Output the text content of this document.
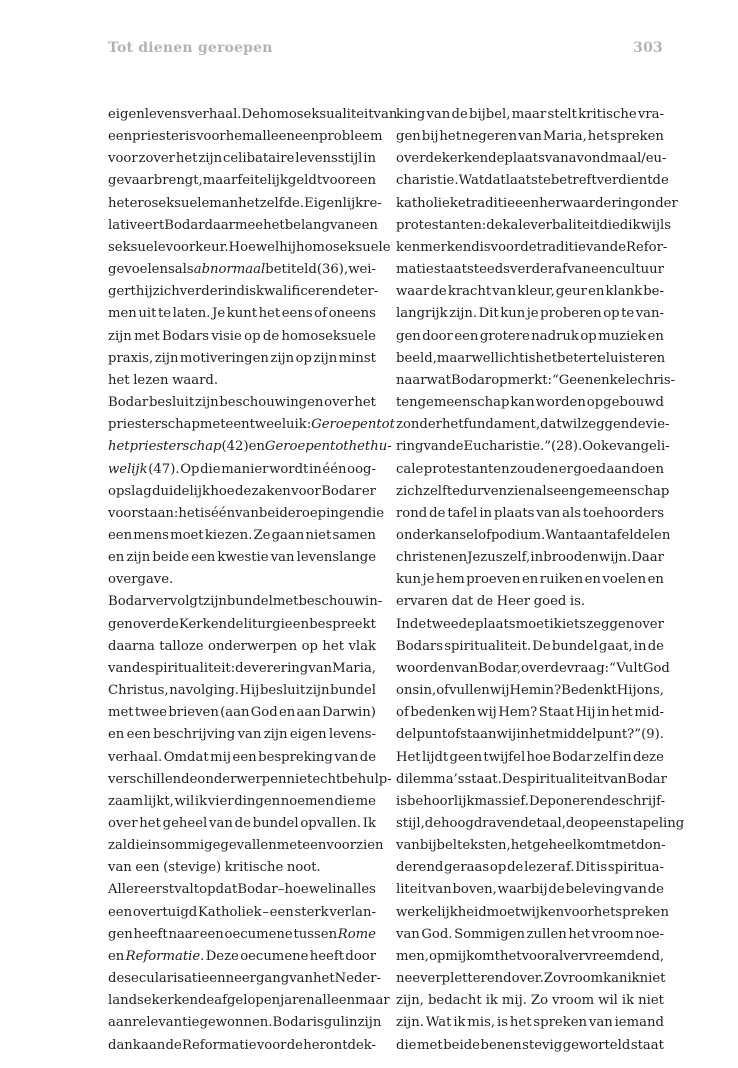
Tot dienen geroepen	303
eigen levensverhaal. De homoseksualiteit van
een priester is voor hem alleen een probleem
voor zover het zijn celibataire levensstijl in
gevaar brengt, maar feitelijk geldt voor een
heteroseksuele man hetzelfde. Eigenlijk re-
lativeert Bodar daarmee het belang van een
seksuele voorkeur. Hoewel hij homoseksuele
gevoelens als abnormaal betiteld (36), wei-
gert hij zich verder in diskwalificerende ter-
men uit te laten. Je kunt het eens of oneens
zijn met Bodars visie op de homoseksuele
praxis, zijn motiveringen zijn op zijn minst
het lezen waard.
Bodar besluit zijn beschouwingen over het
priesterschap met een tweeluik: Geroepen tot
het priesterschap (42) en Geroepen tot het hu-
welijk (47). Op die manier wordt in één oog-
opslag duidelijk hoe de zaken voor Bodar er
voor staan: het is één van beide roepingen die
een mens moet kiezen. Ze gaan niet samen
en zijn beide een kwestie van levenslange
overgave.
Bodar vervolgt zijn bundel met beschouwin-
gen over de Kerk en de liturgie en bespreekt
daarna talloze onderwerpen op het vlak
van de spiritualiteit: de verering van Maria,
Christus, navolging. Hij besluit zijn bundel
met twee brieven (aan God en aan Darwin)
en een beschrijving van zijn eigen levens-
verhaal. Omdat mij een bespreking van de
verschillende onderwerpen niet echt behulp-
zaam lijkt, wil ik vier dingen noemen die me
over het geheel van de bundel opvallen. Ik
zal die in sommige gevallen meteen voorzien
van een (stevige) kritische noot.
Allereerst valt op dat Bodar – hoewel in alles
een overtuigd Katholiek – een sterk verlan-
gen heeft naar een oecumene tussen Rome
en Reformatie. Deze oecumene heeft door
de secularisatie en neergang van het Neder-
landse kerken de afgelopen jaren alleen maar
aan relevantie gewonnen. Bodar is gul in zijn
dank aan de Reformatie voor de herontdek-
king van de bijbel, maar stelt kritische vra-
gen bij het negeren van Maria, het spreken
over de kerk en de plaats van avondmaal/eu-
charistie. Wat dat laatste betreft verdient de
katholieke traditie een herwaardering onder
protestanten: de kale verbaliteit die dikwijls
kenmerkend is voor de traditie van de Refor-
matie staat steeds verder af van een cultuur
waar de kracht van kleur, geur en klank be-
langrijk zijn. Dit kun je proberen op te van-
gen door een grotere nadruk op muziek en
beeld, maar wellicht is het beter te luisteren
naar wat Bodar opmerkt: “Geen enkele chris-
tengemeenschap kan worden opgebouwd
zonder het fundament, dat wil zeggen de vie-
ring van de Eucharistie.” (28). Ook evangeli-
cale protestanten zouden er goed aan doen
zichzelf te durven zien als een gemeenschap
rond de tafel in plaats van als toehoorders
onder kansel of podium. Want aan tafel delen
christenen Jezus zelf, in brood en wijn. Daar
kun je hem proeven en ruiken en voelen en
ervaren dat de Heer goed is.
In de tweede plaats moet ik iets zeggen over
Bodars spiritualiteit. De bundel gaat, in de
woorden van Bodar, over de vraag: “Vult God
ons in, of vullen wij Hem in? Bedenkt Hij ons,
of bedenken wij Hem? Staat Hij in het mid-
delpunt of staan wij in het middelpunt?” (9).
Het lijdt geen twijfel hoe Bodar zelf in deze
dilemma’s staat. De spiritualiteit van Bodar
is behoorlijk massief. De ponerende schrijf-
stijl, de hoogdravende taal, de opeenstapeling
van bijbelteksten, het geheel komt met don-
derend geraas op de lezer af. Dit is spiritua-
liteit van boven, waarbij de beleving van de
werkelijkheid moet wijken voor het spreken
van God. Sommigen zullen het vroom noe-
men, op mij komt het vooral vervreemdend,
nee verpletterend over. Zo vroom kan ik niet
zijn, bedacht ik mij. Zo vroom wil ik niet
zijn. Wat ik mis, is het spreken van iemand
die met beide benen stevig geworteld staat
